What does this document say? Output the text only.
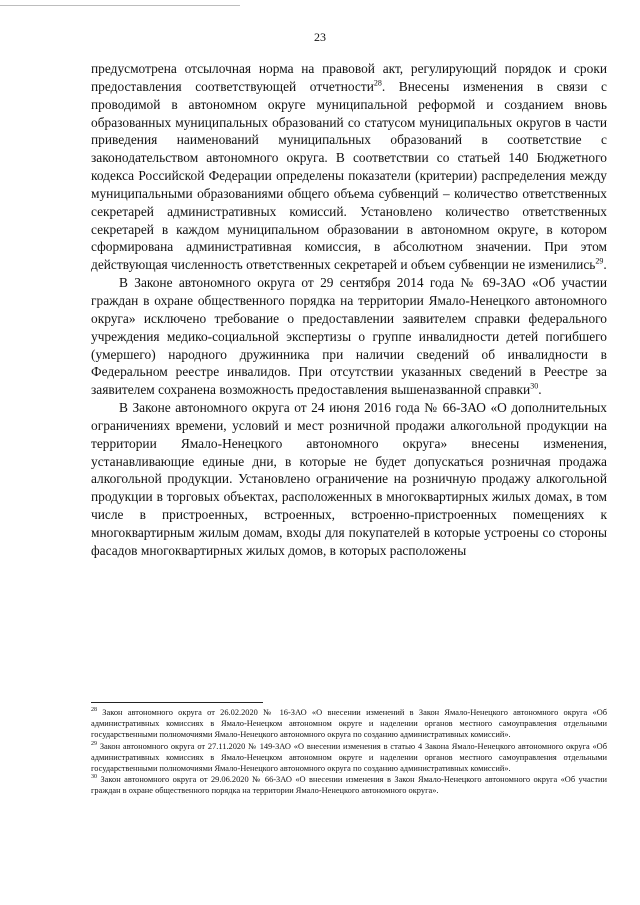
23

предусмотрена отсылочная норма на правовой акт, регулирующий порядок и сроки предоставления соответствующей отчетности$^{28}$. Внесены изменения в связи с проводимой в автономном округе муниципальной реформой и созданием вновь образованных муниципальных образований со статусом муниципальных округов в части приведения наименований муниципальных образований в соответствие с законодательством автономного округа. В соответствии со статьей 140 Бюджетного кодекса Российской Федерации определены показатели (критерии) распределения между муниципальными образованиями общего объема субвенций – количество ответственных секретарей административных комиссий. Установлено количество ответственных секретарей в каждом муниципальном образовании в автономном округе, в котором сформирована административная комиссия, в абсолютном значении. При этом действующая численность ответственных секретарей и объем субвенции не изменились$^{29}$.

В Законе автономного округа от 29 сентября 2014 года № 69-ЗАО «Об участии граждан в охране общественного порядка на территории Ямало-Ненецкого автономного округа» исключено требование о предоставлении заявителем справки федерального учреждения медико-социальной экспертизы о группе инвалидности детей погибшего (умершего) народного дружинника при наличии сведений об инвалидности в Федеральном реестре инвалидов. При отсутствии указанных сведений в Реестре за заявителем сохранена возможность предоставления вышеназванной справки$^{30}$.

В Законе автономного округа от 24 июня 2016 года № 66-ЗАО «О дополнительных ограничениях времени, условий и мест розничной продажи алкогольной продукции на территории Ямало-Ненецкого автономного округа» внесены изменения, устанавливающие единые дни, в которые не будет допускаться розничная продажа алкогольной продукции. Установлено ограничение на розничную продажу алкогольной продукции в торговых объектах, расположенных в многоквартирных жилых домах, в том числе в пристроенных, встроенных, встроенно-пристроенных помещениях к многоквартирным жилым домам, входы для покупателей в которые устроены со стороны фасадов многоквартирных жилых домов, в которых расположены

$^{28}$ Закон автономного округа от 26.02.2020 № 16-ЗАО «О внесении изменений в Закон Ямало-Ненецкого автономного округа «Об административных комиссиях в Ямало-Ненецком автономном округе и наделении органов местного самоуправления отдельными государственными полномочиями Ямало-Ненецкого автономного округа по созданию административных комиссий».

$^{29}$ Закон автономного округа от 27.11.2020 № 149-ЗАО «О внесении изменения в статью 4 Закона Ямало-Ненецкого автономного округа «Об административных комиссиях в Ямало-Ненецком автономном округе и наделении органов местного самоуправления отдельными государственными полномочиями Ямало-Ненецкого автономного округа по созданию административных комиссий».

$^{30}$ Закон автономного округа от 29.06.2020 № 66-ЗАО «О внесении изменения в Закон Ямало-Ненецкого автономного округа «Об участии граждан в охране общественного порядка на территории Ямало-Ненецкого автономного округа».
